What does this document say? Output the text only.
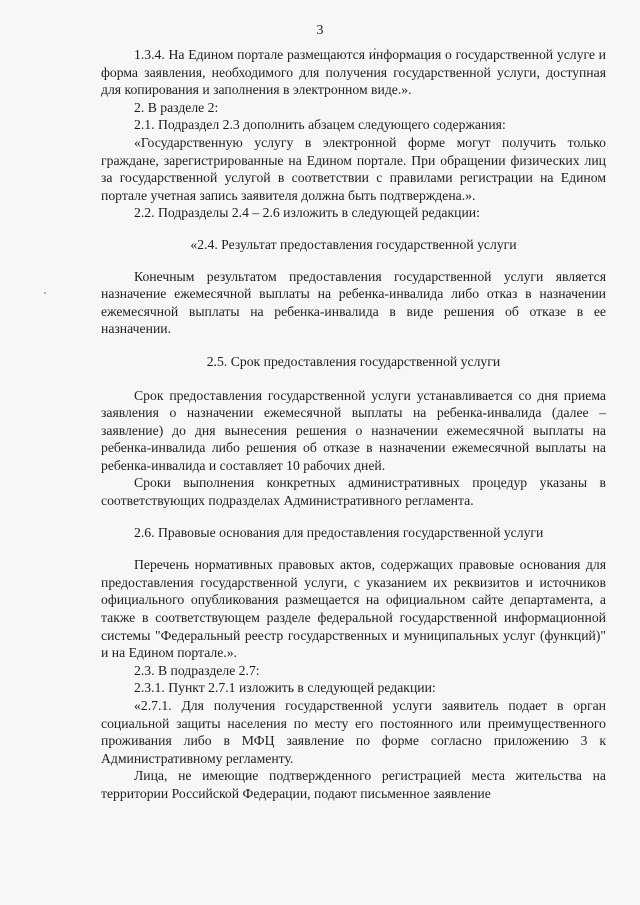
3

1.3.4. На Едином портале размещаются информация о государственной услуге и форма заявления, необходимого для получения государственной услуги, доступная для копирования и заполнения в электронном виде.».

2. В разделе 2:

2.1. Подраздел 2.3 дополнить абзацем следующего содержания:

«Государственную услугу в электронной форме могут получить только граждане, зарегистрированные на Едином портале. При обращении физических лиц за государственной услугой в соответствии с правилами регистрации на Едином портале учетная запись заявителя должна быть подтверждена.».

2.2. Подразделы 2.4 – 2.6 изложить в следующей редакции:

«2.4. Результат предоставления государственной услуги

Конечным результатом предоставления государственной услуги является назначение ежемесячной выплаты на ребенка-инвалида либо отказ в назначении ежемесячной выплаты на ребенка-инвалида в виде решения об отказе в ее назначении.

2.5. Срок предоставления государственной услуги

Срок предоставления государственной услуги устанавливается со дня приема заявления о назначении ежемесячной выплаты на ребенка-инвалида (далее – заявление) до дня вынесения решения о назначении ежемесячной выплаты на ребенка-инвалида либо решения об отказе в назначении ежемесячной выплаты на ребенка-инвалида и составляет 10 рабочих дней.

Сроки выполнения конкретных административных процедур указаны в соответствующих подразделах Административного регламента.

2.6. Правовые основания для предоставления государственной услуги

Перечень нормативных правовых актов, содержащих правовые основания для предоставления государственной услуги, с указанием их реквизитов и источников официального опубликования размещается на официальном сайте департамента, а также в соответствующем разделе федеральной государственной информационной системы "Федеральный реестр государственных и муниципальных услуг (функций)" и на Едином портале.».

2.3. В подразделе 2.7:

2.3.1. Пункт 2.7.1 изложить в следующей редакции:

«2.7.1. Для получения государственной услуги заявитель подает в орган социальной защиты населения по месту его постоянного или преимущественного проживания либо в МФЦ заявление по форме согласно приложению 3 к Административному регламенту.

Лица, не имеющие подтвержденного регистрацией места жительства на территории Российской Федерации, подают письменное заявление
